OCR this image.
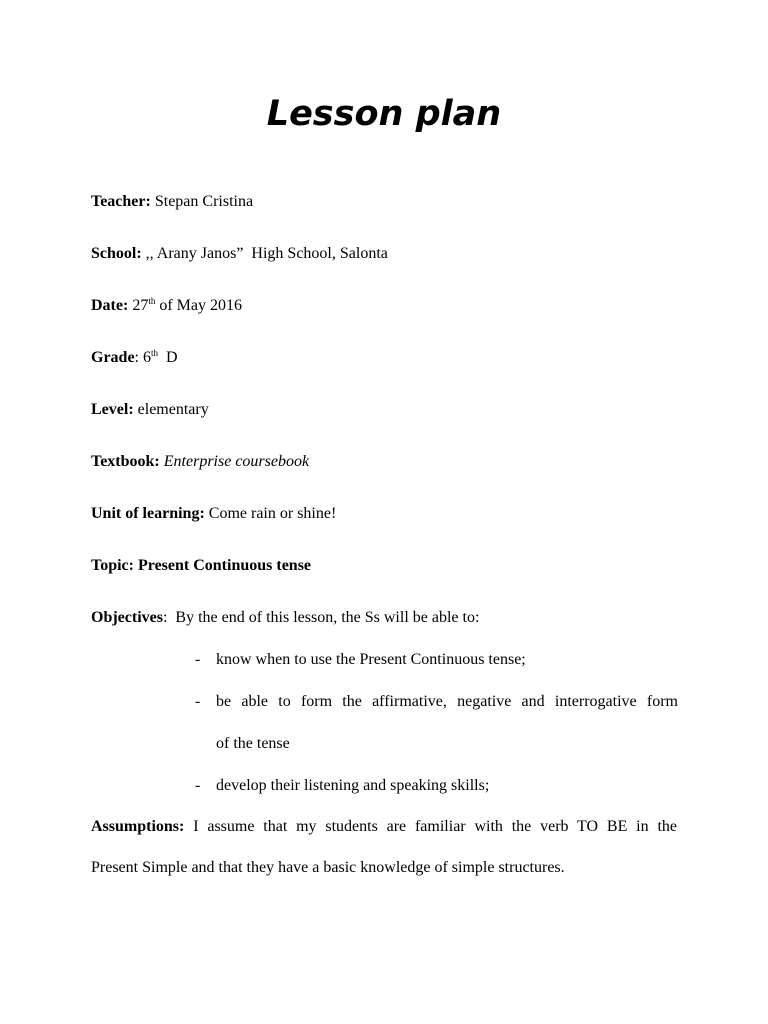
Lesson plan
Teacher: Stepan Cristina
School: ,, Arany Janos”  High School, Salonta
Date: 27th of May 2016
Grade: 6th  D
Level: elementary
Textbook: Enterprise coursebook
Unit of learning: Come rain or shine!
Topic: Present Continuous tense
Objectives:  By the end of this lesson, the Ss will be able to:
- know when to use the Present Continuous tense;
- be able to form the affirmative, negative and interrogative form
of the tense
- develop their listening and speaking skills;
Assumptions: I assume that my students are familiar with the verb TO BE in the
Present Simple and that they have a basic knowledge of simple structures.
